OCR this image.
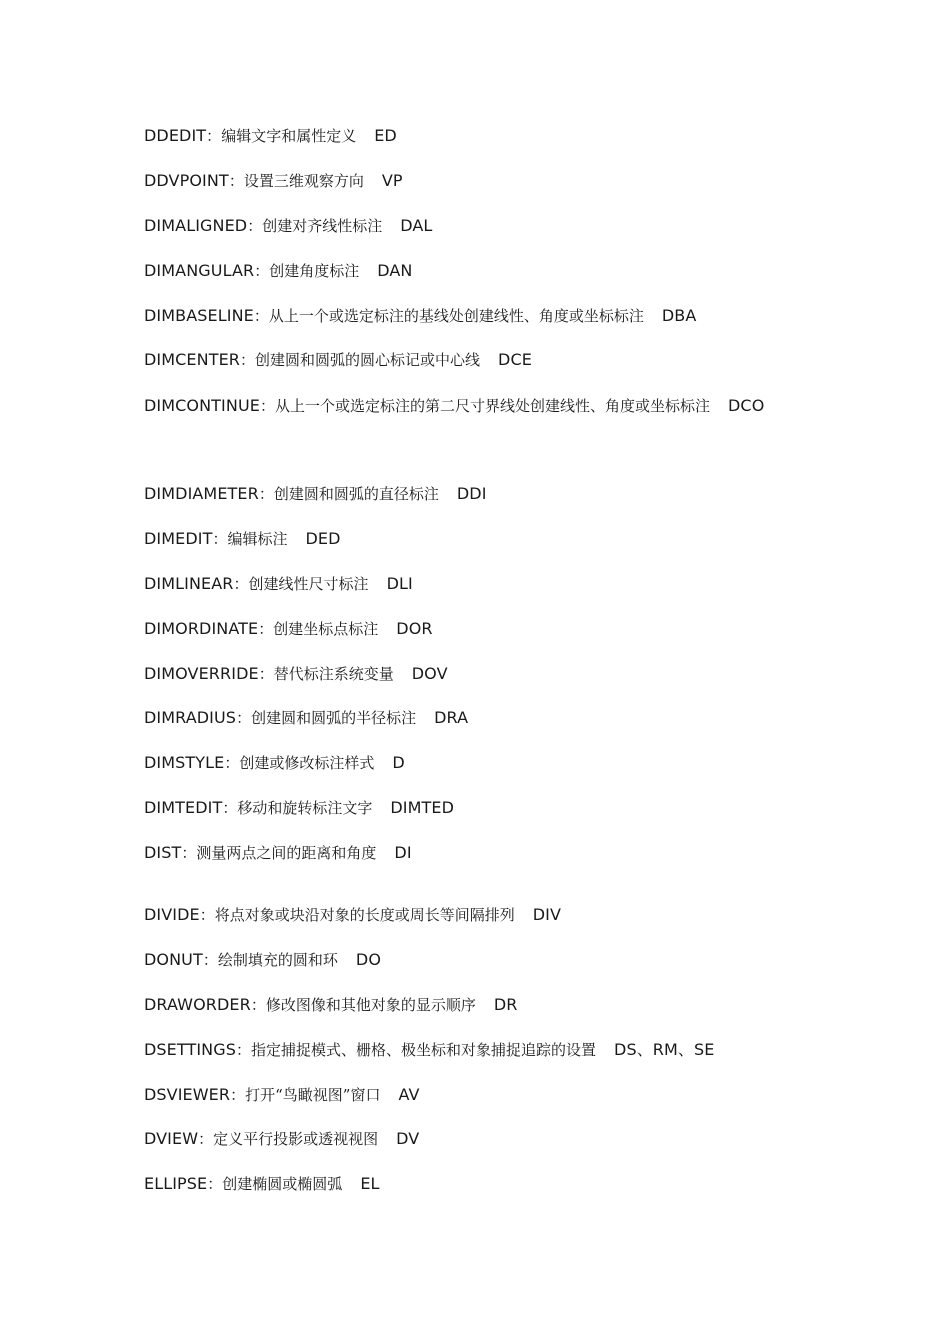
DDEDIT：编辑文字和属性定义 ED
DDVPOINT：设置三维观察方向 VP
DIMALIGNED：创建对齐线性标注 DAL
DIMANGULAR：创建角度标注 DAN
DIMBASELINE：从上一个或选定标注的基线处创建线性、角度或坐标标注 DBA
DIMCENTER：创建圆和圆弧的圆心标记或中心线 DCE
DIMCONTINUE：从上一个或选定标注的第二尺寸界线处创建线性、角度或坐标标注 DCO
DIMDIAMETER：创建圆和圆弧的直径标注 DDI
DIMEDIT：编辑标注 DED
DIMLINEAR：创建线性尺寸标注 DLI
DIMORDINATE：创建坐标点标注 DOR
DIMOVERRIDE：替代标注系统变量 DOV
DIMRADIUS：创建圆和圆弧的半径标注 DRA
DIMSTYLE：创建或修改标注样式 D
DIMTEDIT：移动和旋转标注文字 DIMTED
DIST：测量两点之间的距离和角度 DI
DIVIDE：将点对象或块沿对象的长度或周长等间隔排列 DIV
DONUT：绘制填充的圆和环 DO
DRAWORDER：修改图像和其他对象的显示顺序 DR
DSETTINGS：指定捕捉模式、栅格、极坐标和对象捕捉追踪的设置 DS、RM、SE
DSVIEWER：打开“鸟瞰视图”窗口 AV
DVIEW：定义平行投影或透视视图 DV
ELLIPSE：创建椭圆或椭圆弧 EL
